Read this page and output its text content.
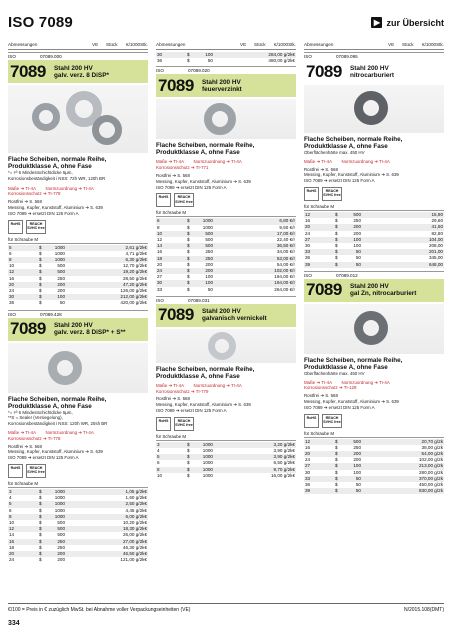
ISO 7089	▶ zur Übersicht
Abmessungen	VE	Stück	€/1000Stk.
ISO	07089.000
7089	Stahl 200 HV
galv. verz. 8 DiSP*
Flache Scheiben, normale Reihe,
Produktklasse A, ohne Fase
*= ¹⁄⁰ 6 Mindestschichtdicke 5µm,
Korrosionsbeständigkeit i NSS: 72h WR, 120h BR
Maße ➔ TI-4A Normzuordnung ➔ TI-4A
Korrosionsschutz ➔ TI-778
Rostfrei ➔ S. 568
Messing, Kupfer, Kunststoff, Aluminium ➔ S. 639
ISO 7089 ➔ ersetzt DIN 125 Form A
RoHS	REACH SVHC free
für Schraube M
5	$	1000	2,61 g/2k€
6	$	1000	4,71 g/2k€
8	$	1000	6,30 g/2k€
10	$	500	12,70 g/2k€
12	$	500	19,20 g/2k€
16	$	250	28,50 g/2k€
20	$	200	47,20 g/2k€
24	$	200	126,00 g/2k€
30	$	100	212,00 g/2k€
36	$	50	420,00 g/2k€
ISO	07089.428
7089	Stahl 200 HV
galv. verz. 8 DiSP* + S**
Flache Scheiben, normale Reihe,
Produktklasse A, ohne Fase
*= ¹⁄⁰ 6 Mindestschichtdicke 5µm,
**S = Sealer (Versiegelung),
Korrosionsbeständigkeit i NSS: 120h WR, 20sh BR
Maße ➔ TI-4A Normzuordnung ➔ TI-4A
Korrosionsschutz ➔ TI-778
Rostfrei ➔ S. 568
Messing, Kupfer, Kunststoff, Aluminium ➔ S. 639
ISO 7089 ➔ ersetzt DIN 125 Form A
RoHS	REACH SVHC free
für Schraube M
3	$	1000	1,05 g/2k€
4	$	1000	1,60 g/2k€
5	$	1000	2,50 g/2k€
6	$	1000	4,45 g/2k€
8	$	1000	6,00 g/2k€
10	$	500	10,20 g/2k€
12	$	500	18,30 g/2k€
14	$	500	26,00 g/2k€
16	$	250	27,00 g/2k€
18	$	250	46,30 g/2k€
20	$	200	46,50 g/2k€
24	$	200	121,00 g/2k€
Abmessungen	VE	Stück	€/1000Stk.
30	$	100	284,00 g/2k€
36	$	50	480,00 g/2k€
ISO	07089.020
7089	Stahl 200 HV
feuerverzinkt
Flache Scheiben, normale Reihe,
Produktklasse A, ohne Fase
Maße ➔ TI-4A Normzuordnung ➔ TI-4A
Korrosionsschutz ➔ TI-771
Rostfrei ➔ S. 568
Messing, Kupfer, Kunststoff, Aluminium ➔ S. 639
ISO 7089 ➔ ersetzt DIN 125 Form A
RoHS	REACH SVHC free
für Schraube M
6	$	1000	6,80 €/r
8	$	1000	9,50 €/r
10	$	500	17,00 €/r
12	$	500	22,40 €/r
14	$	500	36,50 €/r
16	$	250	34,00 €/r
18	$	250	53,00 €/r
20	$	200	54,00 €/r
24	$	200	102,00 €/r
27	$	100	194,00 €/r
30	$	100	194,00 €/r
33	$	50	264,00 €/r
ISO	07089.031
7089	Stahl 200 HV
galvanisch vernickelt
Flache Scheiben, normale Reihe,
Produktklasse A, ohne Fase
Maße ➔ TI-4A Normzuordnung ➔ TI-4A
Korrosionsschutz ➔ TI-779
Rostfrei ➔ S. 568
Messing, Kupfer, Kunststoff, Aluminium ➔ S. 639
ISO 7089 ➔ ersetzt DIN 125 Form A
RoHS	REACH SVHC free
für Schraube M
3	$	1000	3,20 g/2k€
4	$	1000	3,90 g/2k€
5	$	1000	3,90 g/2k€
6	$	1000	6,50 g/2k€
8	$	1000	9,70 g/2k€
10	$	1000	16,00 g/2k€
Abmessungen	VE	Stück	€/1000Stk.
ISO	07089.095
7089	Stahl 200 HV
nitrocarburiert
Flache Scheiben, normale Reihe,
Produktklasse A, ohne Fase
Oberflächenhärte max. 450 HV
Maße ➔ TI-4A Normzuordnung ➔ TI-4A
Rostfrei ➔ S. 568
Messing, Kupfer, Kunststoff, Aluminium ➔ S. 639
ISO 7089 ➔ ersetzt DIN 125 Form A
RoHS	REACH SVHC free
für Schraube M
12	$	500	15,90
16	$	250	29,60
20	$	200	41,50
24	$	200	82,80
27	$	100	104,00
30	$	100	208,00
33	$	50	201,00
36	$	50	345,00
39	$	50	648,00
ISO	07089.012
7089	Stahl 200 HV
gal Zn, nitrocarburiert
Flache Scheiben, normale Reihe,
Produktklasse A, ohne Fase
Oberflächenhärte max. 450 HV
Maße ➔ TI-4A Normzuordnung ➔ TI-4A
Korrosionsschutz ➔ TI-128
Rostfrei ➔ S. 568
Messing, Kupfer, Kunststoff, Aluminium ➔ S. 639
ISO 7089 ➔ ersetzt DIN 125 Form A
RoHS	REACH SVHC free
für Schraube M
12	$	500	20,70 g/2k
16	$	250	38,00 g/2k
20	$	200	54,00 g/2k
24	$	200	102,00 g/2k
27	$	100	213,00 g/2k
30	$	100	280,00 g/2k
33	$	50	370,00 g/2k
36	$	50	450,00 g/2k
39	$	50	830,00 g/2k
€/100 = Preis in € zuzüglich MwSt. bei Abnahme voller Verpackungseinheiten (VE)	N/2015.108(DMT)
334
